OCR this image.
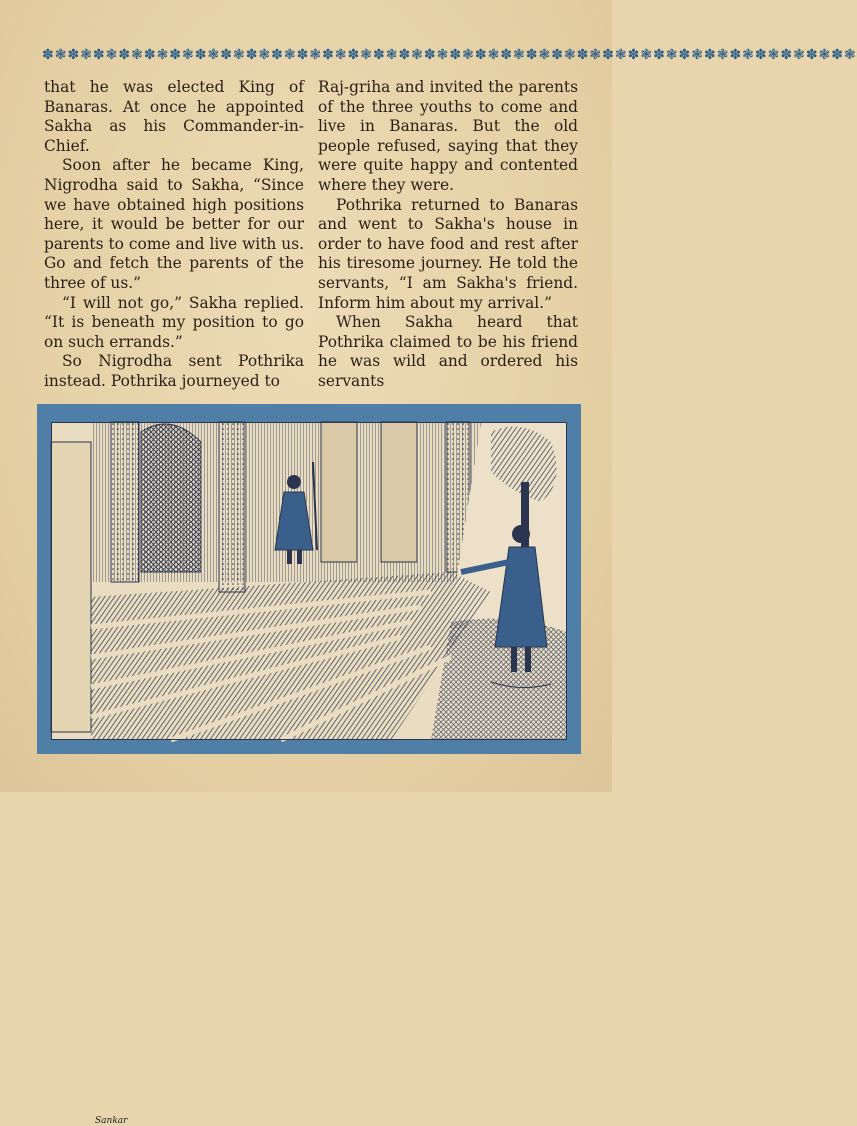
✽❃✽❃✽❃✽❃✽❃✽❃✽❃✽❃✽❃✽❃✽❃✽❃✽❃✽❃✽❃✽❃✽❃✽❃✽❃✽❃✽❃✽❃✽❃✽❃✽❃✽❃✽❃✽❃✽❃✽❃✽❃✽❃

that he was elected King of Banaras. At once he appointed Sakha as his Commander-in-Chief.

Soon after he became King, Nigrodha said to Sakha, “Since we have obtained high positions here, it would be better for our parents to come and live with us. Go and fetch the parents of the three of us.”

“I will not go,” Sakha replied. “It is beneath my position to go on such errands.”

So Nigrodha sent Pothrika instead. Pothrika journeyed to

Raj-griha and invited the parents of the three youths to come and live in Banaras. But the old people refused, saying that they were quite happy and contented where they were.

Pothrika returned to Banaras and went to Sakha's house in order to have food and rest after his tiresome journey. He told the servants, “I am Sakha's friend. Inform him about my arrival.”

When Sakha heard that Pothrika claimed to be his friend he was wild and ordered his servants

Sankar
